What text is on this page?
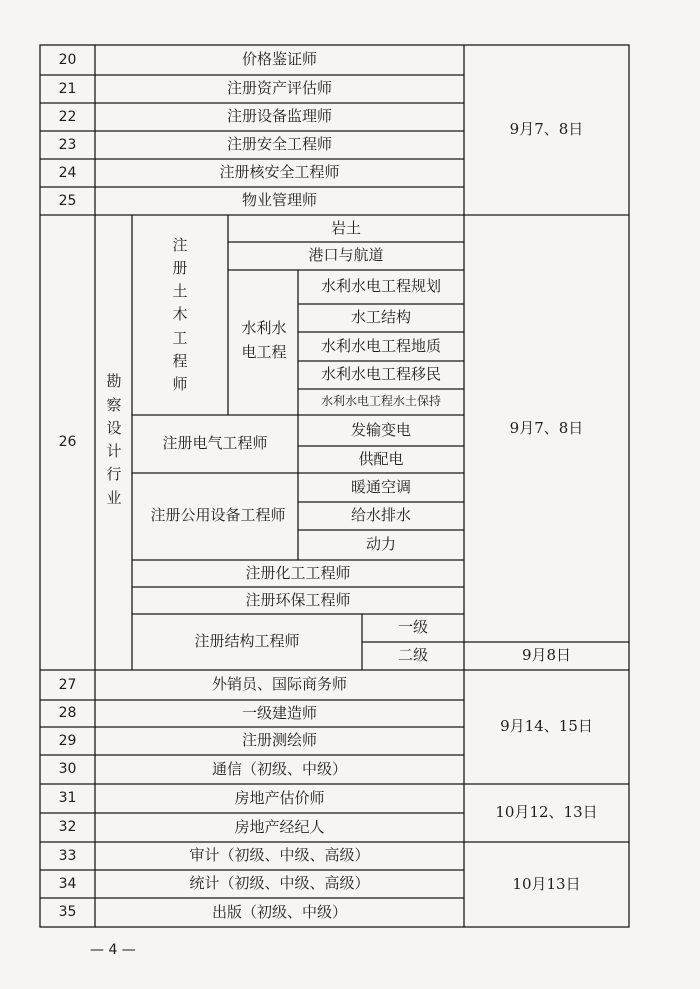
20
21
22
23
24
25
26
27
28
29
30
31
32
33
34
35
价格鉴证师
注册资产评估师
注册设备监理师
注册安全工程师
注册核安全工程师
物业管理师
勘察设计行业
注册土木工程师
岩土
港口与航道
水利水电工程
水利水电工程规划
水工结构
水利水电工程地质
水利水电工程移民
水利水电工程水土保持
注册电气工程师
发输变电
供配电
注册公用设备工程师
暖通空调
给水排水
动力
注册化工工程师
注册环保工程师
注册结构工程师
一级
二级
外销员、国际商务师
一级建造师
注册测绘师
通信（初级、中级）
房地产估价师
房地产经纪人
审计（初级、中级、高级）
统计（初级、中级、高级）
出版（初级、中级）
9月7、8日
9月7、8日
9月8日
9月14、15日
10月12、13日
10月13日
— 4 —
